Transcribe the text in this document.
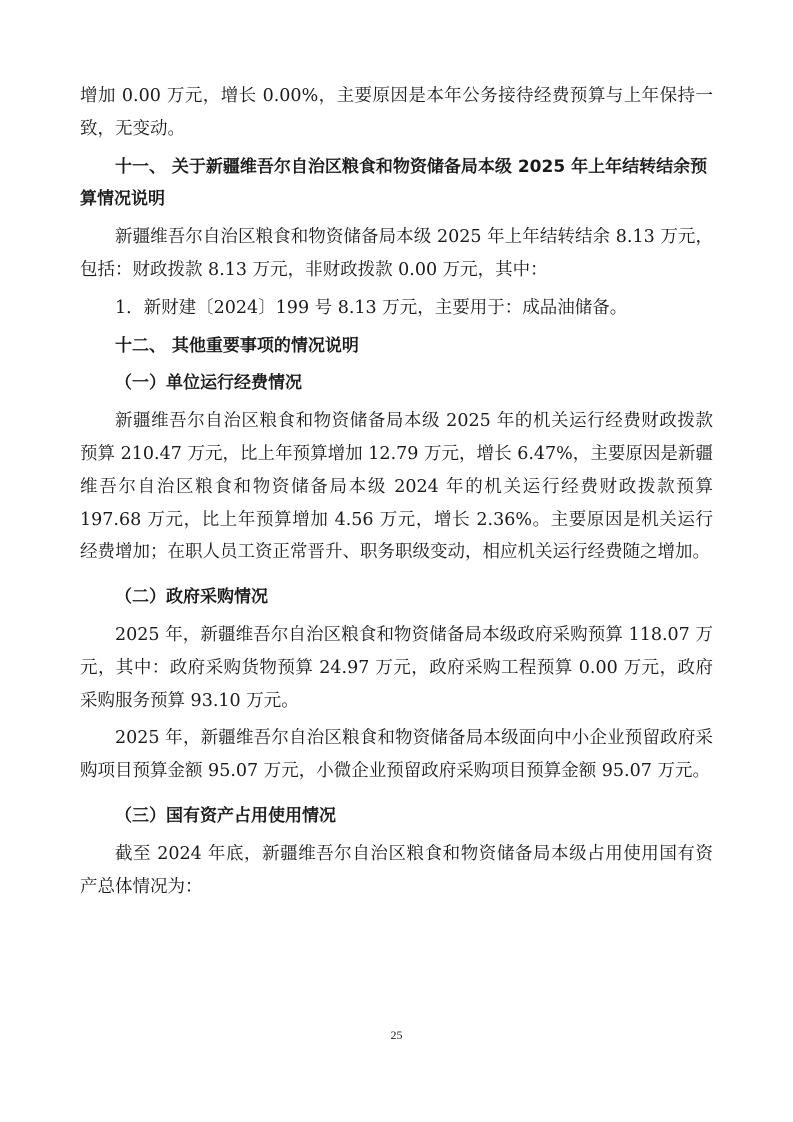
增加 0.00 万元，增长 0.00%，主要原因是本年公务接待经费预算与上年保持一致，无变动。

十一、 关于新疆维吾尔自治区粮食和物资储备局本级 2025 年上年结转结余预算情况说明

新疆维吾尔自治区粮食和物资储备局本级 2025 年上年结转结余 8.13 万元，包括：财政拨款 8.13 万元，非财政拨款 0.00 万元，其中：

1．新财建〔2024〕199 号 8.13 万元，主要用于：成品油储备。

十二、 其他重要事项的情况说明

（一）单位运行经费情况

新疆维吾尔自治区粮食和物资储备局本级 2025 年的机关运行经费财政拨款预算 210.47 万元，比上年预算增加 12.79 万元，增长 6.47%，主要原因是新疆维吾尔自治区粮食和物资储备局本级 2024 年的机关运行经费财政拨款预算 197.68 万元，比上年预算增加 4.56 万元，增长 2.36%。主要原因是机关运行经费增加；在职人员工资正常晋升、职务职级变动，相应机关运行经费随之增加。

（二）政府采购情况

2025 年，新疆维吾尔自治区粮食和物资储备局本级政府采购预算 118.07 万元，其中：政府采购货物预算 24.97 万元，政府采购工程预算 0.00 万元，政府采购服务预算 93.10 万元。

2025 年，新疆维吾尔自治区粮食和物资储备局本级面向中小企业预留政府采购项目预算金额 95.07 万元，小微企业预留政府采购项目预算金额 95.07 万元。

（三）国有资产占用使用情况

截至 2024 年底，新疆维吾尔自治区粮食和物资储备局本级占用使用国有资产总体情况为：

25
